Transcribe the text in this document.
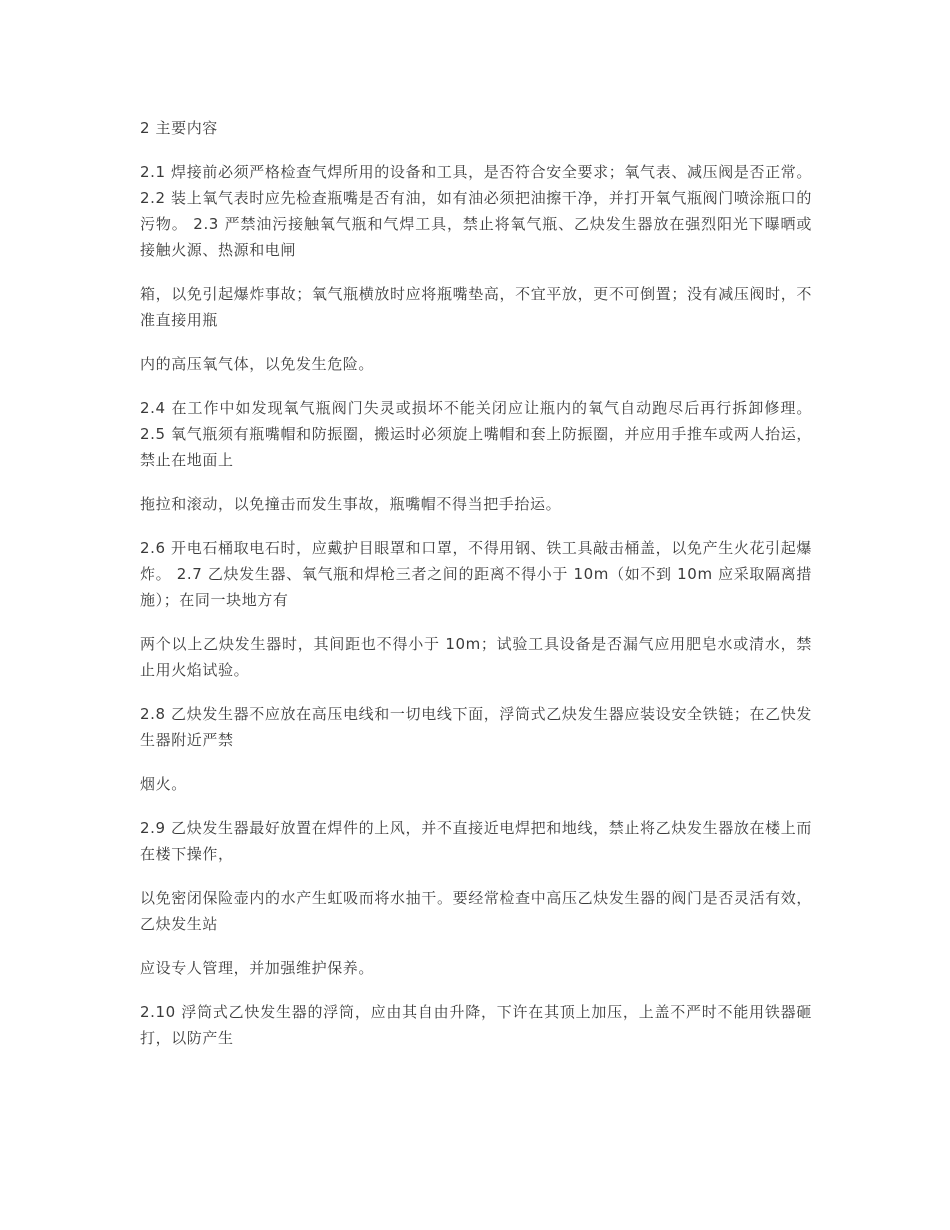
2 主要内容

2.1 焊接前必须严格检查气焊所用的设备和工具，是否符合安全要求；氧气表、减压阀是否正常。 2.2 装上氧气表时应先检查瓶嘴是否有油，如有油必须把油擦干净，并打开氧气瓶阀门喷涂瓶口的污物。 2.3 严禁油污接触氧气瓶和气焊工具，禁止将氧气瓶、乙炔发生器放在强烈阳光下曝晒或接触火源、热源和电闸

箱，以免引起爆炸事故；氧气瓶横放时应将瓶嘴垫高，不宜平放，更不可倒置；没有减压阀时，不准直接用瓶

内的高压氧气体，以免发生危险。

2.4 在工作中如发现氧气瓶阀门失灵或损坏不能关闭应让瓶内的氧气自动跑尽后再行拆卸修理。 2.5 氧气瓶须有瓶嘴帽和防振圈，搬运时必须旋上嘴帽和套上防振圈，并应用手推车或两人抬运，禁止在地面上

拖拉和滚动，以免撞击而发生事故，瓶嘴帽不得当把手抬运。

2.6 开电石桶取电石时，应戴护目眼罩和口罩，不得用钢、铁工具敲击桶盖，以免产生火花引起爆炸。 2.7 乙炔发生器、氧气瓶和焊枪三者之间的距离不得小于 10m（如不到 10m 应采取隔离措施）；在同一块地方有

两个以上乙炔发生器时，其间距也不得小于 10m；试验工具设备是否漏气应用肥皂水或清水，禁止用火焰试验。

2.8 乙炔发生器不应放在高压电线和一切电线下面，浮筒式乙炔发生器应装设安全铁链；在乙快发生器附近严禁

烟火。

2.9 乙炔发生器最好放置在焊件的上风，并不直接近电焊把和地线，禁止将乙炔发生器放在楼上而在楼下操作，

以免密闭保险壶内的水产生虹吸而将水抽干。要经常检查中高压乙炔发生器的阀门是否灵活有效，乙炔发生站

应设专人管理，并加强维护保养。

2.10 浮筒式乙快发生器的浮筒，应由其自由升降，下许在其顶上加压，上盖不严时不能用铁器砸打，以防产生
